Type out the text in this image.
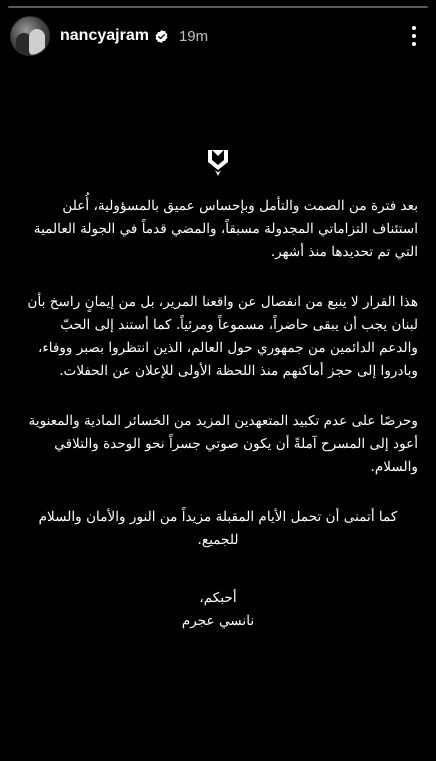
nancyajram 19m

بعد فترة من الصمت والتأمل وبإحساس عميق بالمسؤولية، أُعلن استئناف التزاماتي المجدولة مسبقاً، والمضي قدماً في الجولة العالمية التي تم تحديدها منذ أشهر.

هذا القرار لا ينبع من انفصال عن واقعنا المرير، بل من إيمانٍ راسخ بأن لبنان يجب أن يبقى حاضراً، مسموعاً ومرئياً. كما أستند إلى الحبّ والدعم الدائمين من جمهوري حول العالم، الذين انتظروا بصبر ووفاء، وبادروا إلى حجز أماكنهم منذ اللحظة الأولى للإعلان عن الحفلات.

وحرصًا على عدم تكبيد المتعهدين المزيد من الخسائر المادية والمعنوية أعود إلى المسرح آملةً أن يكون صوتي جسراً نحو الوحدة والتلاقي والسلام.

كما أتمنى أن تحمل الأيام المقبلة مزيداً من النور والأمان والسلام للجميع.

أحبكم،
نانسي عجرم
